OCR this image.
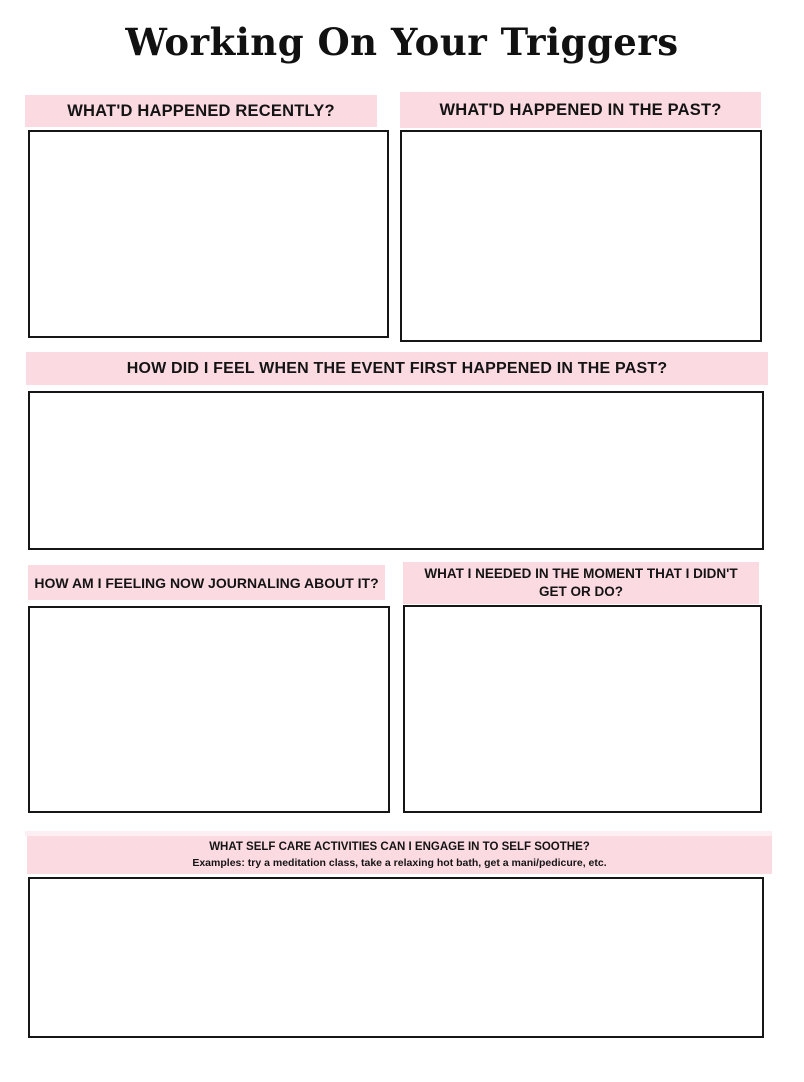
Working On Your Triggers
WHAT'D HAPPENED RECENTLY?	WHAT'D HAPPENED IN THE PAST?
HOW DID I FEEL WHEN THE EVENT FIRST HAPPENED IN THE PAST?
HOW AM I FEELING NOW JOURNALING ABOUT IT?
WHAT I NEEDED IN THE MOMENT THAT I DIDN'T GET OR DO?
WHAT SELF CARE ACTIVITIES CAN I ENGAGE IN TO SELF SOOTHE?
Examples: try a meditation class, take a relaxing hot bath, get a mani/pedicure, etc.
